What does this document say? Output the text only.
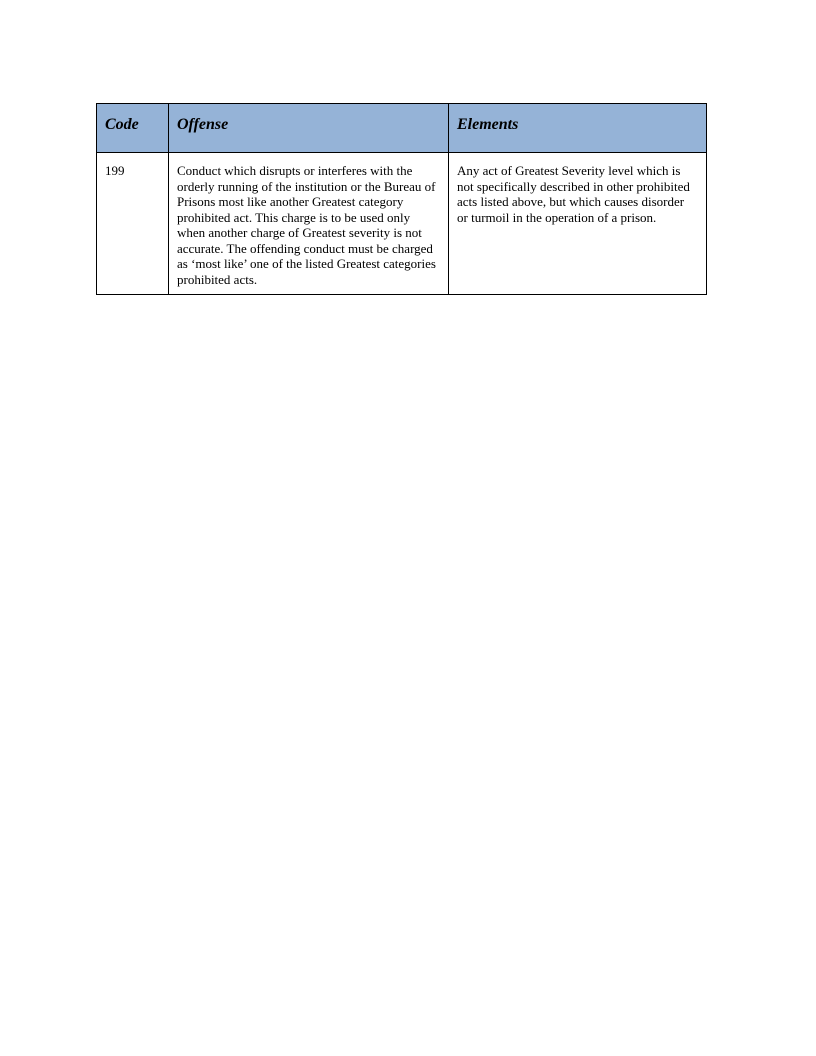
Code	Offense	Elements
199	Conduct which disrupts or interferes with the orderly running of the institution or the Bureau of Prisons most like another Greatest category prohibited act. This charge is to be used only when another charge of Greatest severity is not accurate. The offending conduct must be charged as ‘most like’ one of the listed Greatest categories prohibited acts.	Any act of Greatest Severity level which is not specifically described in other prohibited acts listed above, but which causes disorder or turmoil in the operation of a prison.
